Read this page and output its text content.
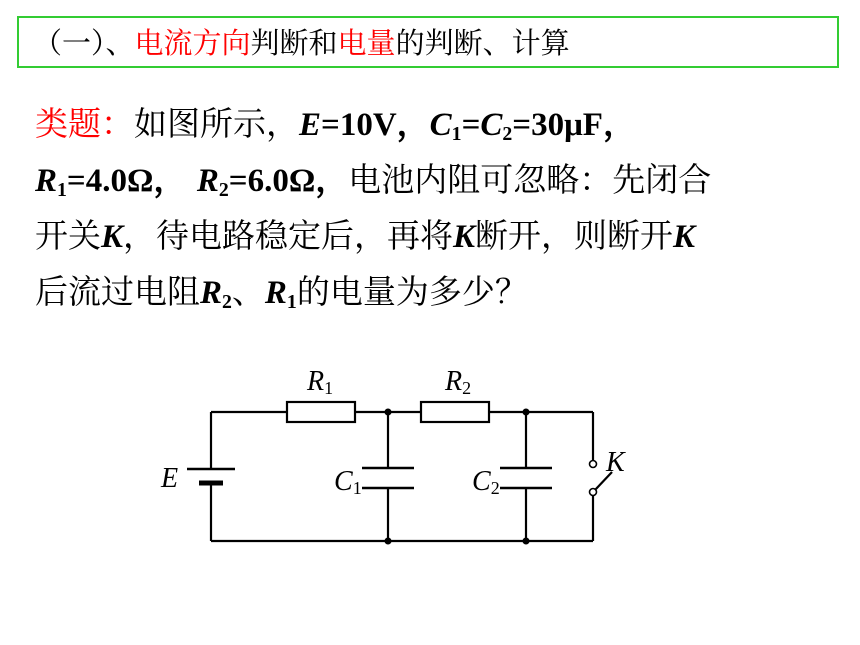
（一）、电流方向判断和电量的判断、计算
类题：如图所示，E=10V，$C_1=C_2=30\mu F$，
$R_1=4.0\Omega$， $R_2=6.0\Omega$，电池内阻可忽略：先闭合
开关K，待电路稳定后，再将K断开，则断开K
后流过电阻$R_2$、$R_1$的电量为多少？
R1	R2
E	C1	C2
K
